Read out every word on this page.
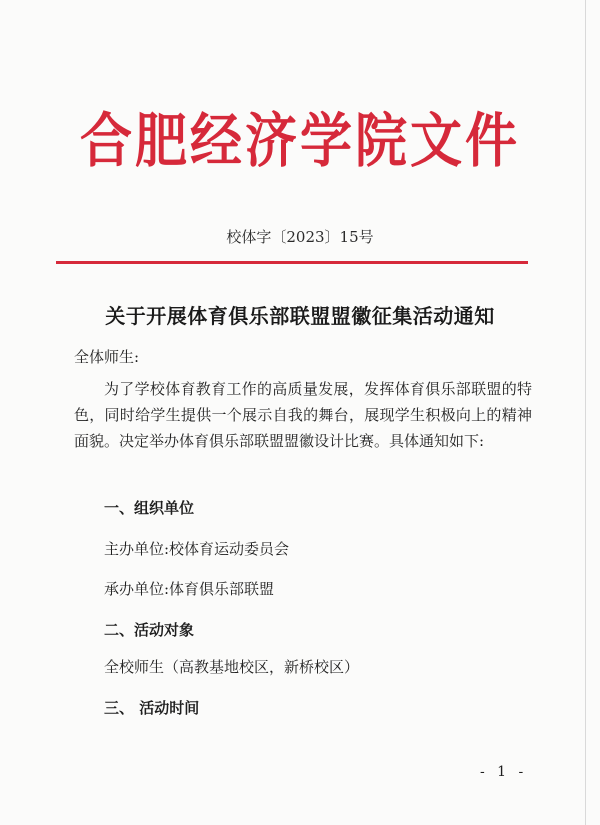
合肥经济学院文件
校体字〔2023〕15号
关于开展体育俱乐部联盟盟徽征集活动通知
全体师生:
为了学校体育教育工作的高质量发展，发挥体育俱乐部联盟的特色，同时给学生提供一个展示自我的舞台，展现学生积极向上的精神面貌。决定举办体育俱乐部联盟盟徽设计比赛。具体通知如下:
一、组织单位
主办单位:校体育运动委员会
承办单位:体育俱乐部联盟
二、活动对象
全校师生（高教基地校区，新桥校区）
三、 活动时间
- 1 -
